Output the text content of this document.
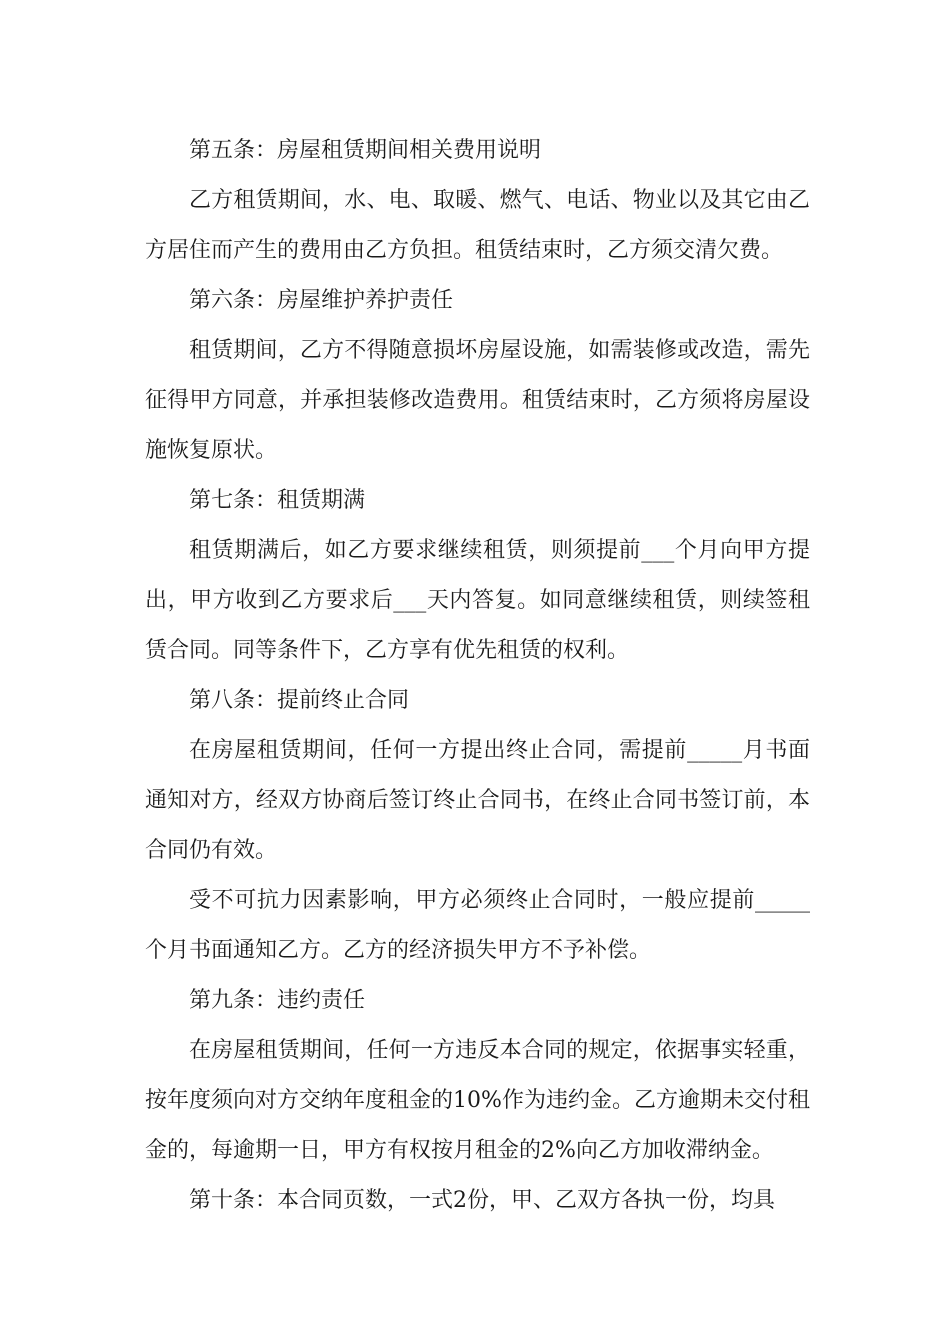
第五条：房屋租赁期间相关费用说明

乙方租赁期间，水、电、取暖、燃气、电话、物业以及其它由乙方居住而产生的费用由乙方负担。租赁结束时，乙方须交清欠费。

第六条：房屋维护养护责任

租赁期间，乙方不得随意损坏房屋设施，如需装修或改造，需先征得甲方同意，并承担装修改造费用。租赁结束时，乙方须将房屋设施恢复原状。

第七条：租赁期满

租赁期满后，如乙方要求继续租赁，则须提前___个月向甲方提出，甲方收到乙方要求后___天内答复。如同意继续租赁，则续签租赁合同。同等条件下，乙方享有优先租赁的权利。

第八条：提前终止合同

在房屋租赁期间，任何一方提出终止合同，需提前_____月书面通知对方，经双方协商后签订终止合同书，在终止合同书签订前，本合同仍有效。

受不可抗力因素影响，甲方必须终止合同时，一般应提前_____个月书面通知乙方。乙方的经济损失甲方不予补偿。

第九条：违约责任

在房屋租赁期间，任何一方违反本合同的规定，依据事实轻重，按年度须向对方交纳年度租金的10%作为违约金。乙方逾期未交付租金的，每逾期一日，甲方有权按月租金的2%向乙方加收滞纳金。

第十条：本合同页数，一式2份，甲、乙双方各执一份，均具
